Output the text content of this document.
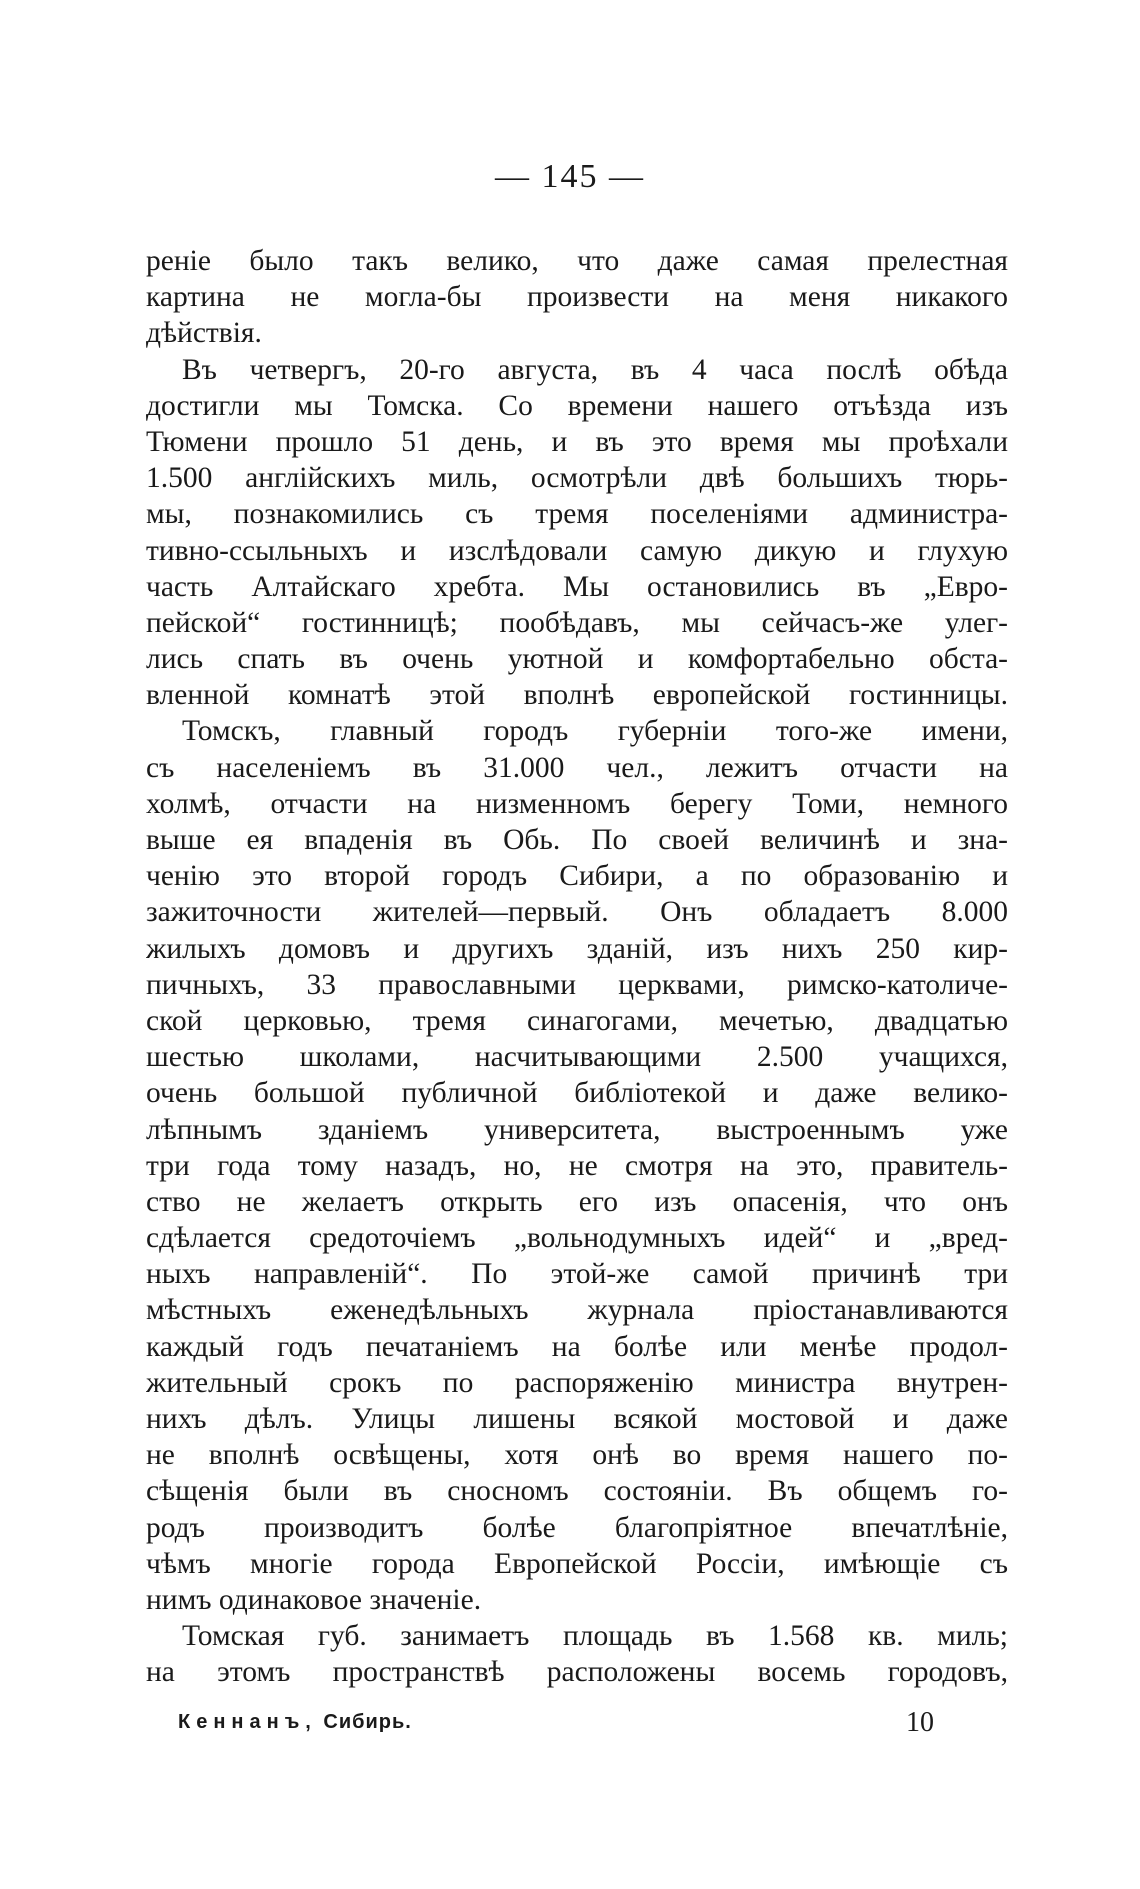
— 145 —
реніе было такъ велико, что даже самая прелестная
картина не могла-бы произвести на меня никакого
дѣйствія.
Въ четвергъ, 20-го августа, въ 4 часа послѣ обѣда
достигли мы Томска. Со времени нашего отъѣзда изъ
Тюмени прошло 51 день, и въ это время мы проѣхали
1.500 англійскихъ миль, осмотрѣли двѣ большихъ тюрь-
мы, познакомились съ тремя поселеніями администра-
тивно-ссыльныхъ и изслѣдовали самую дикую и глухую
часть Алтайскаго хребта. Мы остановились въ „Евро-
пейской“ гостинницѣ; пообѣдавъ, мы сейчасъ-же улег-
лись спать въ очень уютной и комфортабельно обста-
вленной комнатѣ этой вполнѣ европейской гостинницы.
Томскъ, главный городъ губерніи того-же имени,
съ населеніемъ въ 31.000 чел., лежитъ отчасти на
холмѣ, отчасти на низменномъ берегу Томи, немного
выше ея впаденія въ Обь. По своей величинѣ и зна-
ченію это второй городъ Сибири, а по образованію и
зажиточности жителей—первый. Онъ обладаетъ 8.000
жилыхъ домовъ и другихъ зданій, изъ нихъ 250 кир-
пичныхъ, 33 православными церквами, римско-католиче-
ской церковью, тремя синагогами, мечетью, двадцатью
шестью школами, насчитывающими 2.500 учащихся,
очень большой публичной библіотекой и даже велико-
лѣпнымъ зданіемъ университета, выстроеннымъ уже
три года тому назадъ, но, не смотря на это, правитель-
ство не желаетъ открыть его изъ опасенія, что онъ
сдѣлается средоточіемъ „вольнодумныхъ идей“ и „вред-
ныхъ направленій“. По этой-же самой причинѣ три
мѣстныхъ еженедѣльныхъ журнала пріостанавливаются
каждый годъ печатаніемъ на болѣе или менѣе продол-
жительный срокъ по распоряженію министра внутрен-
нихъ дѣлъ. Улицы лишены всякой мостовой и даже
не вполнѣ освѣщены, хотя онѣ во время нашего по-
сѣщенія были въ сносномъ состояніи. Въ общемъ го-
родъ производитъ болѣе благопріятное впечатлѣніе,
чѣмъ многіе города Европейской Россіи, имѣющіе съ
нимъ одинаковое значеніе.
Томская губ. занимаетъ площадь въ 1.568 кв. миль;
на этомъ пространствѣ расположены восемь городовъ,
Кеннанъ, Сибирь.	10
